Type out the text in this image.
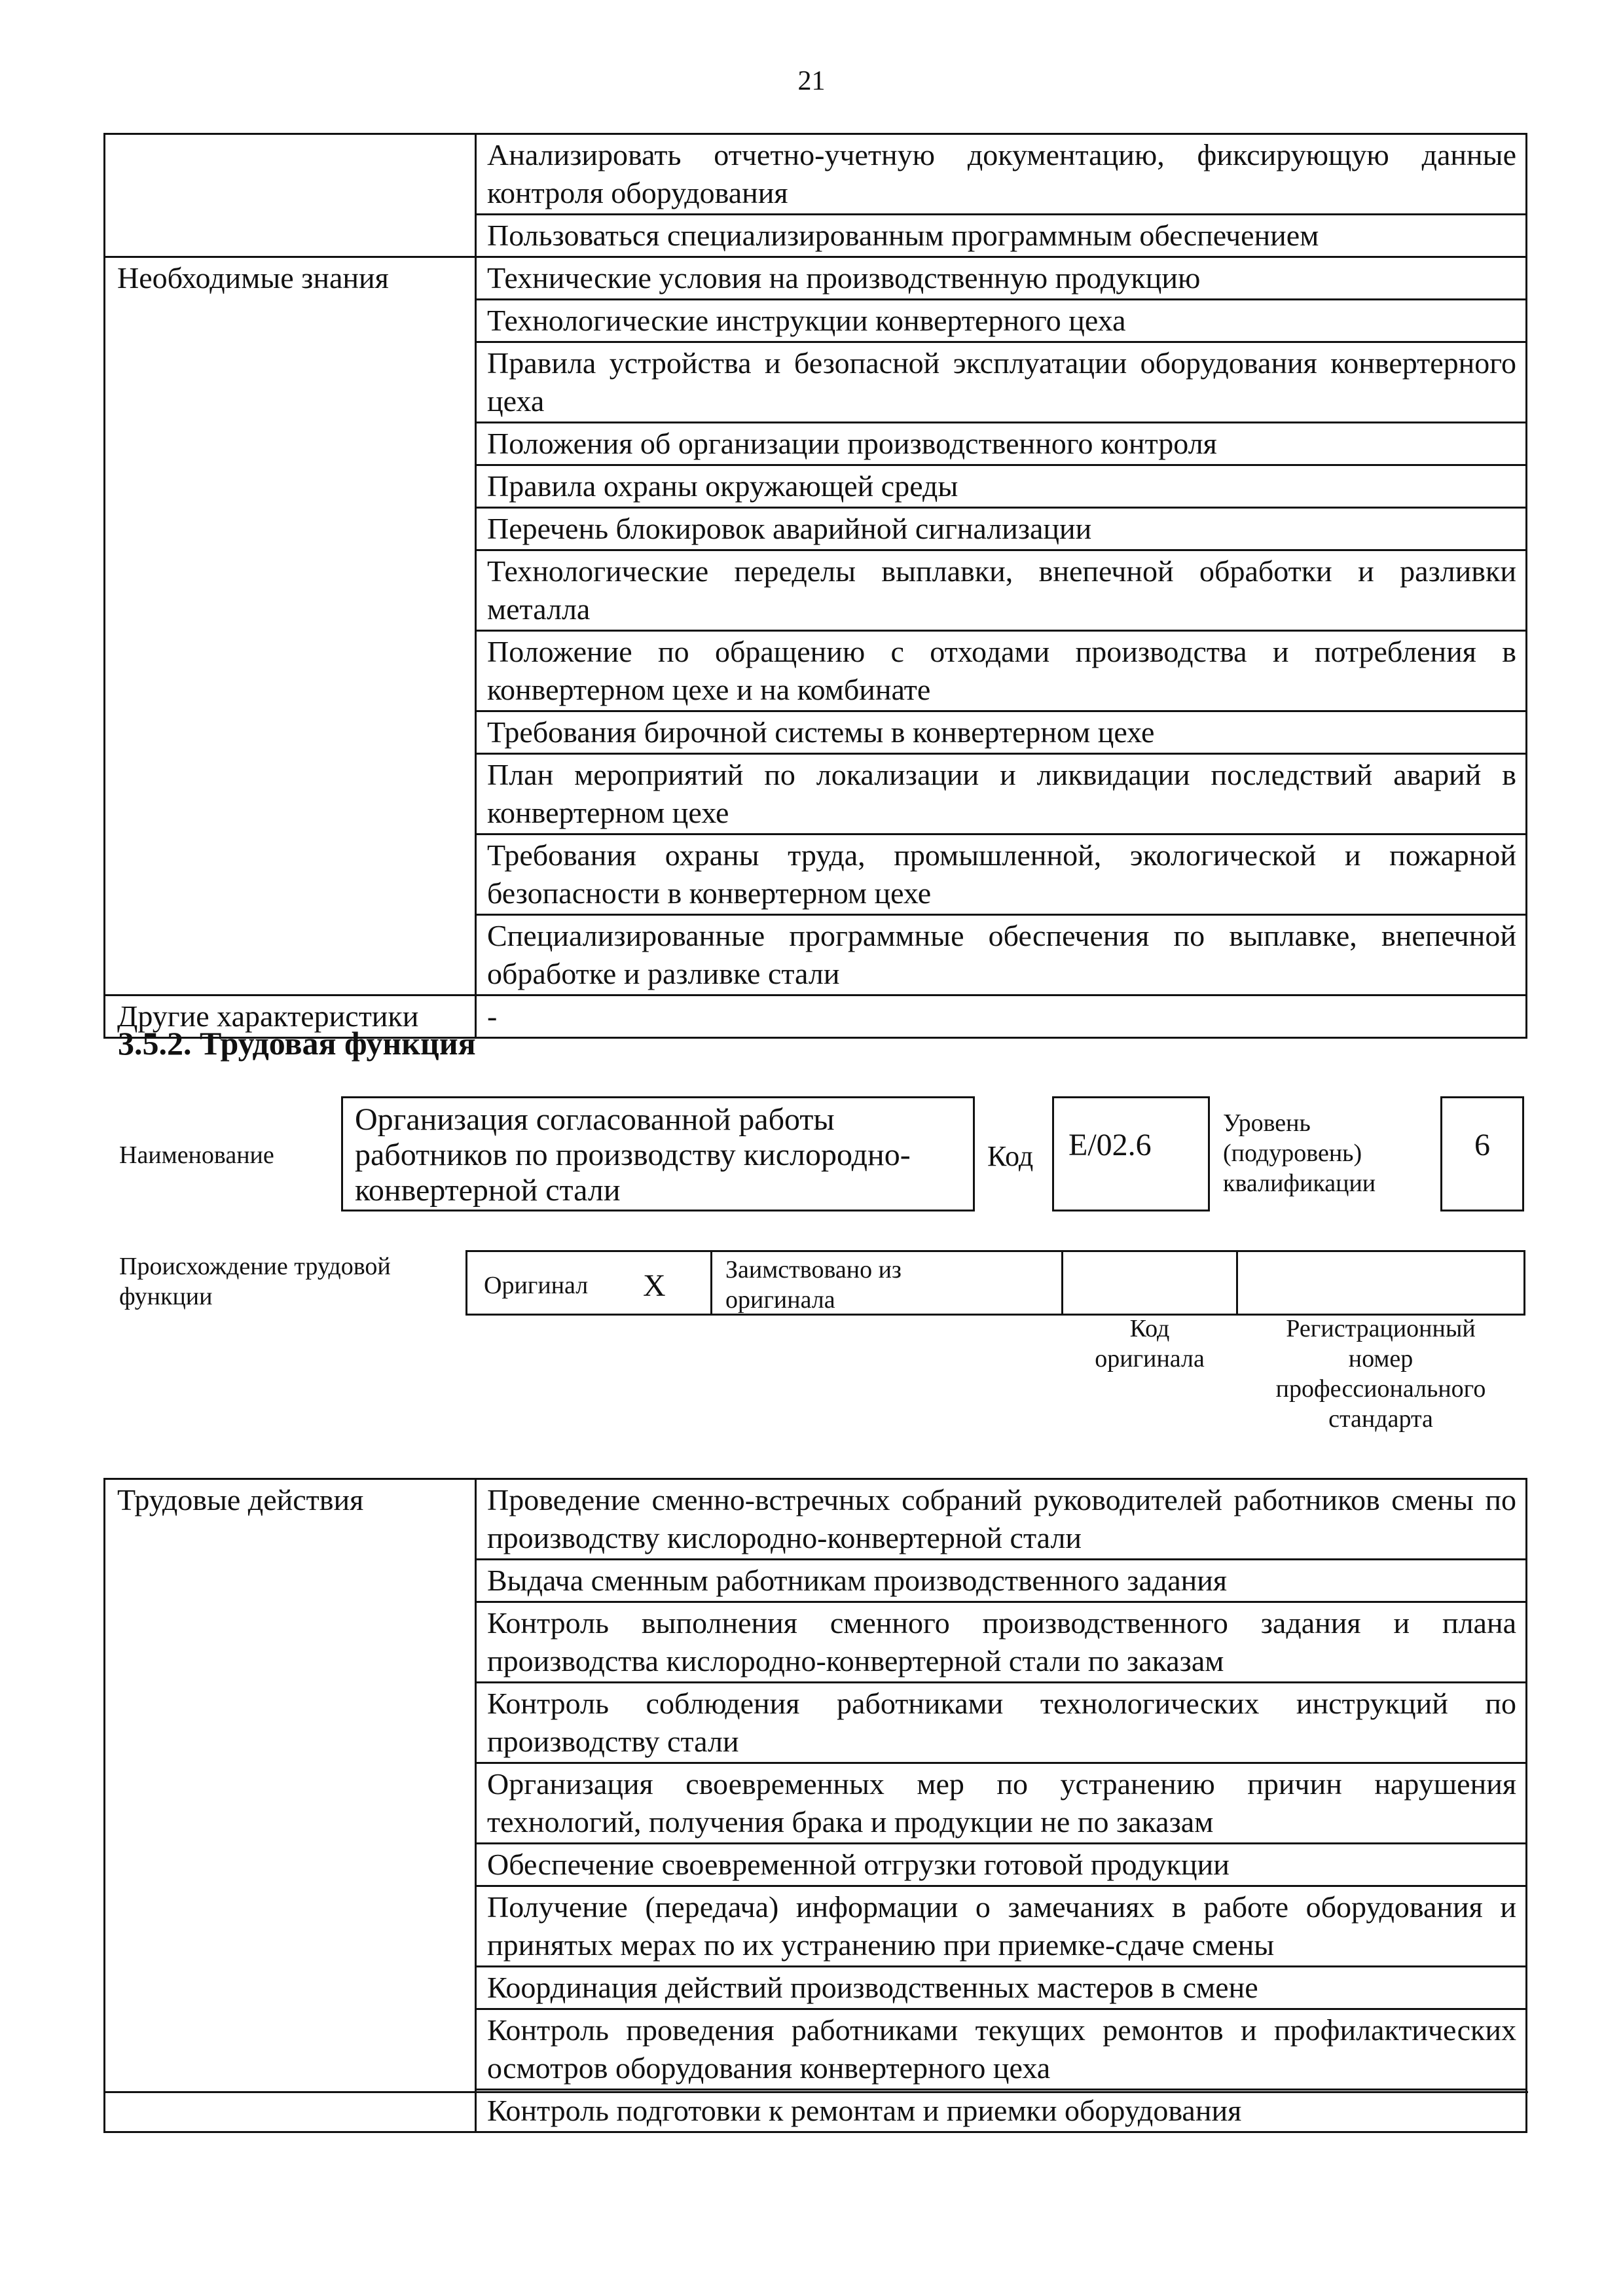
21
	Анализировать отчетно-учетную документацию, фиксирующую данные контроля оборудования
	Пользоваться специализированным программным обеспечением
Необходимые знания	Технические условия на производственную продукцию
	Технологические инструкции конвертерного цеха
	Правила устройства и безопасной эксплуатации оборудования конвертерного цеха
	Положения об организации производственного контроля
	Правила охраны окружающей среды
	Перечень блокировок аварийной сигнализации
	Технологические переделы выплавки, внепечной обработки и разливки металла
	Положение по обращению с отходами производства и потребления в конвертерном цехе и на комбинате
	Требования бирочной системы в конвертерном цехе
	План мероприятий по локализации и ликвидации последствий аварий в конвертерном цехе
	Требования охраны труда, промышленной, экологической и пожарной безопасности в конвертерном цехе
	Специализированные программные обеспечения по выплавке, внепечной обработке и разливке стали
Другие характеристики	-
3.5.2. Трудовая функция
Наименование
Организация согласованной работы работников по производству кислородно-конвертерной стали
Код	E/02.6
Уровень (подуровень) квалификации
6
Происхождение трудовой функции	Оригинал X Заимствовано из оригинала
Код оригинала
Регистрационный номер профессионального стандарта
Трудовые действия	Проведение сменно-встречных собраний руководителей работников смены по производству кислородно-конвертерной стали
Выдача сменным работникам производственного задания
Контроль выполнения сменного производственного задания и плана производства кислородно-конвертерной стали по заказам
Контроль соблюдения работниками технологических инструкций по производству стали
Организация своевременных мер по устранению причин нарушения технологий, получения брака и продукции не по заказам
Обеспечение своевременной отгрузки готовой продукции
Получение (передача) информации о замечаниях в работе оборудования и принятых мерах по их устранению при приемке-сдаче смены
Координация действий производственных мастеров в смене
Контроль проведения работниками текущих ремонтов и профилактических осмотров оборудования конвертерного цеха
Контроль подготовки к ремонтам и приемки оборудования
